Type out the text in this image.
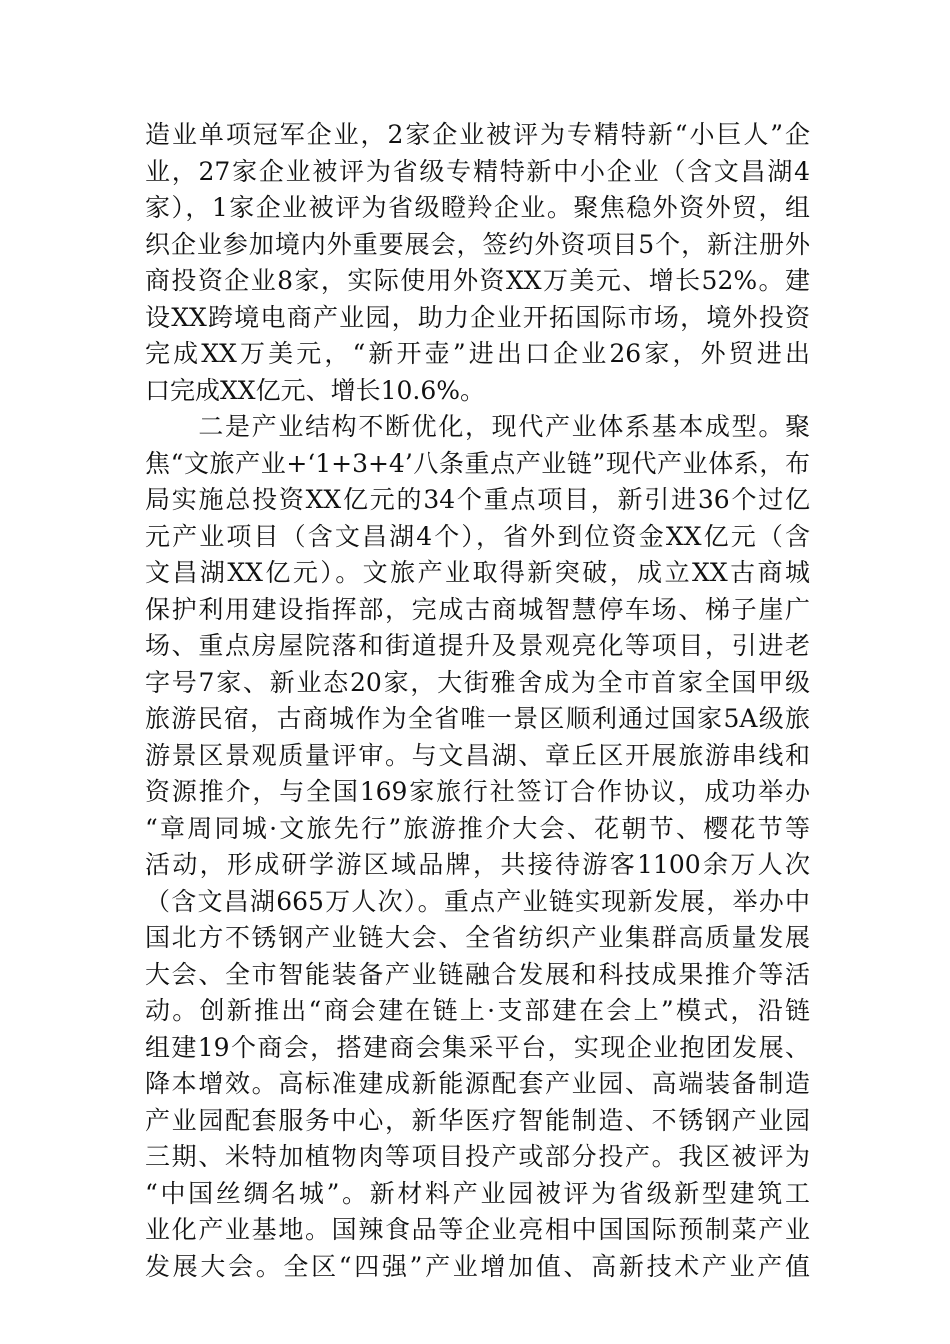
造业单项冠军企业，2家企业被评为专精特新“小巨人”企
业，27家企业被评为省级专精特新中小企业（含文昌湖4
家），1家企业被评为省级瞪羚企业。聚焦稳外资外贸，组
织企业参加境内外重要展会，签约外资项目5个，新注册外
商投资企业8家，实际使用外资XX万美元、增长52%。建
设XX跨境电商产业园，助力企业开拓国际市场，境外投资
完成XX万美元，“新开壶”进出口企业26家，外贸进出
口完成XX亿元、增长10.6%。
　　二是产业结构不断优化，现代产业体系基本成型。聚
焦“文旅产业+‘1+3+4’八条重点产业链”现代产业体系，布
局实施总投资XX亿元的34个重点项目，新引进36个过亿
元产业项目（含文昌湖4个），省外到位资金XX亿元（含
文昌湖XX亿元）。文旅产业取得新突破，成立XX古商城
保护利用建设指挥部，完成古商城智慧停车场、梯子崖广
场、重点房屋院落和街道提升及景观亮化等项目，引进老
字号7家、新业态20家，大街雅舍成为全市首家全国甲级
旅游民宿，古商城作为全省唯一景区顺利通过国家5A级旅
游景区景观质量评审。与文昌湖、章丘区开展旅游串线和
资源推介，与全国169家旅行社签订合作协议，成功举办
“章周同城·文旅先行”旅游推介大会、花朝节、樱花节等
活动，形成研学游区域品牌，共接待游客1100余万人次
（含文昌湖665万人次）。重点产业链实现新发展，举办中
国北方不锈钢产业链大会、全省纺织产业集群高质量发展
大会、全市智能装备产业链融合发展和科技成果推介等活
动。创新推出“商会建在链上·支部建在会上”模式，沿链
组建19个商会，搭建商会集采平台，实现企业抱团发展、
降本增效。高标准建成新能源配套产业园、高端装备制造
产业园配套服务中心，新华医疗智能制造、不锈钢产业园
三期、米特加植物肉等项目投产或部分投产。我区被评为
“中国丝绸名城”。新材料产业园被评为省级新型建筑工
业化产业基地。国辣食品等企业亮相中国国际预制菜产业
发展大会。全区“四强”产业增加值、高新技术产业产值
